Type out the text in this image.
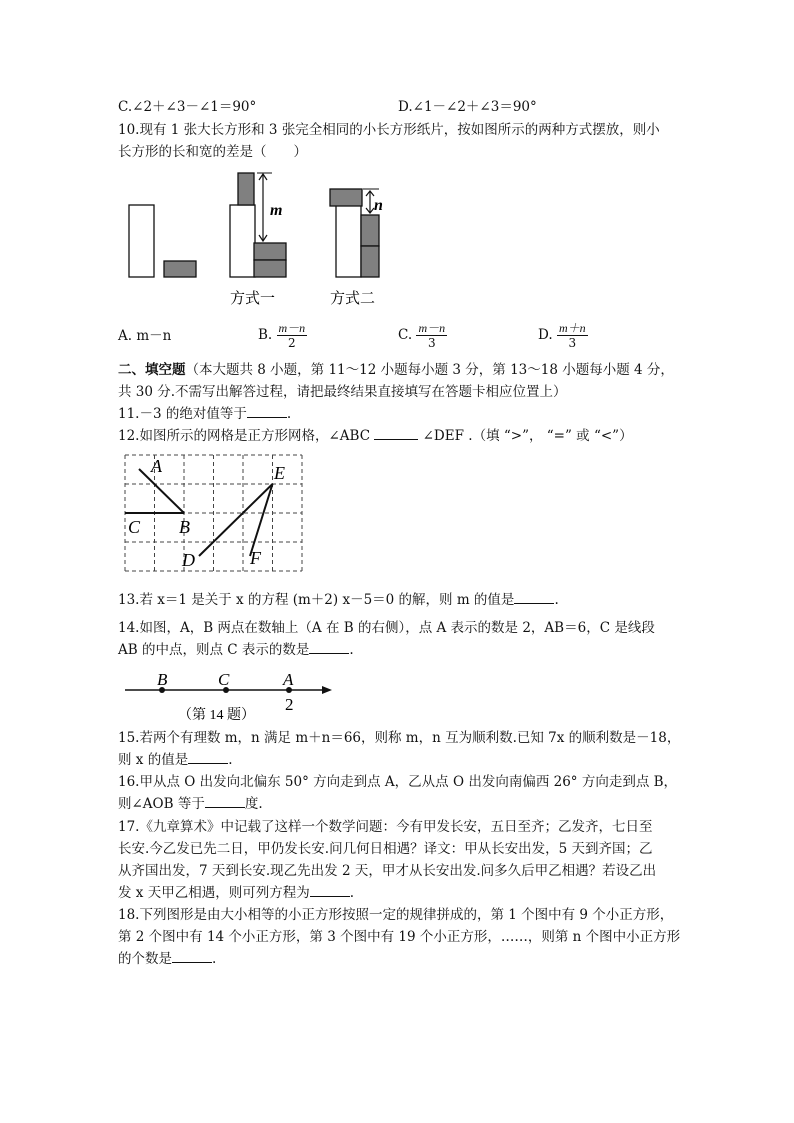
C.∠2＋∠3－∠1＝90°	D.∠1－∠2＋∠3＝90°
10.现有 1 张大长方形和 3 张完全相同的小长方形纸片，按如图所示的两种方式摆放，则小
长方形的长和宽的差是（　　）
m	n
方式一	方式二
A. m－n	B. $\frac{m-n}{2}$	C. $\frac{m-n}{3}$	D. $\frac{m+n}{3}$
二、填空题（本大题共 8 小题，第 11～12 小题每小题 3 分，第 13～18 小题每小题 4 分，
共 30 分.不需写出解答过程，请把最终结果直接填写在答题卡相应位置上）
11.－3 的绝对值等于	.
12.如图所示的网格是正方形网格，∠ABC	∠DEF .（填 “>”， “=” 或 “<”）
A
B
C
D
E
F
13.若 x＝1 是关于 x 的方程 (m＋2) x－5＝0 的解，则 m 的值是	.
14.如图，A，B 两点在数轴上（A 在 B 的右侧），点 A 表示的数是 2，AB＝6，C 是线段
AB 的中点，则点 C 表示的数是	.
B	C	A
2
（第 14 题）
15.若两个有理数 m，n 满足 m＋n＝66，则称 m，n 互为顺利数.已知 7x 的顺利数是－18，
则 x 的值是	.
16.甲从点 O 出发向北偏东 50° 方向走到点 A，乙从点 O 出发向南偏西 26° 方向走到点 B，
则∠AOB 等于	度.
17.《九章算术》中记载了这样一个数学问题：今有甲发长安，五日至齐；乙发齐，七日至
长安.今乙发已先二日，甲仍发长安.问几何日相遇？译文：甲从长安出发，5 天到齐国；乙
从齐国出发，7 天到长安.现乙先出发 2 天，甲才从长安出发.问多久后甲乙相遇？若设乙出
发 x 天甲乙相遇，则可列方程为	.
18.下列图形是由大小相等的小正方形按照一定的规律拼成的，第 1 个图中有 9 个小正方形，
第 2 个图中有 14 个小正方形，第 3 个图中有 19 个小正方形，……，则第 n 个图中小正方形
的个数是	.
